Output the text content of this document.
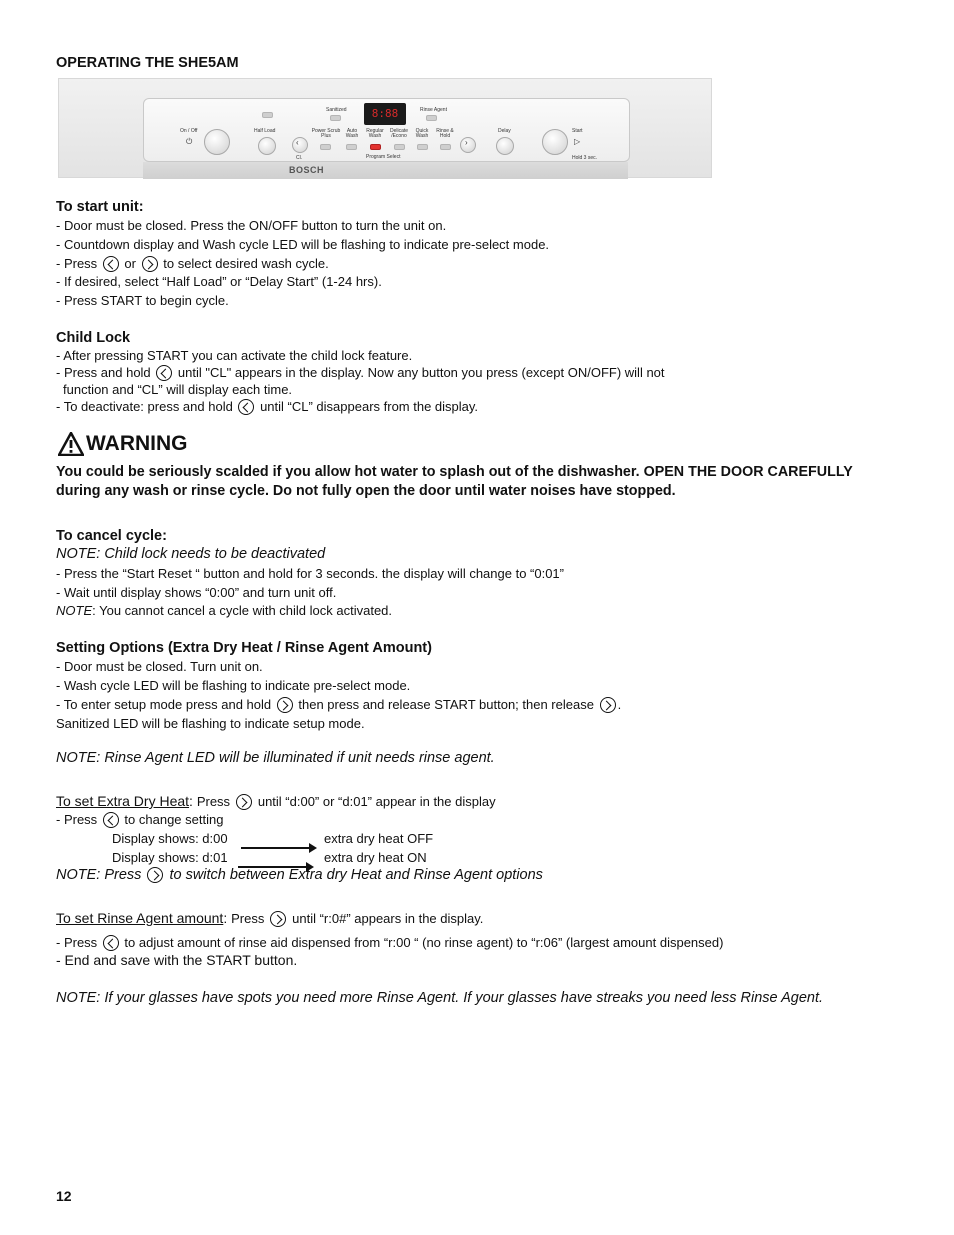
OPERATING THE SHE5AM
Sanitized	Rinse Agent
8:88
On / Off
⏻
Half Load
‹
Cl.
Power Scrub Plus
Auto Wash
Regular Wash
Delicate /Econo
Quick Wash
Rinse & Hold
Program Select
›
Delay	Start
▷
Hold 3 sec.
BOSCH
To start unit:
- Door must be closed. Press the ON/OFF button to turn the unit on.
- Countdown display and Wash cycle LED will be flashing to indicate pre-select mode.
- Press or to select desired wash cycle.
- If desired, select “Half Load” or “Delay Start” (1-24 hrs).
- Press START to begin cycle.
Child Lock
- After pressing START you can activate the child lock feature.
- Press and hold until "CL" appears in the display. Now any button you press (except ON/OFF) will not
function and “CL” will display each time.
- To deactivate: press and hold until “CL” disappears from the display.
WARNING
You could be seriously scalded if you allow hot water to splash out of the dishwasher. OPEN THE DOOR CAREFULLY
during any wash or rinse cycle. Do not fully open the door until water noises have stopped.
To cancel cycle:
NOTE: Child lock needs to be deactivated
- Press the “Start Reset “ button and hold for 3 seconds. the display will change to “0:01”
- Wait until display shows “0:00” and turn unit off.
NOTE: You cannot cancel a cycle with child lock activated.
Setting Options (Extra Dry Heat / Rinse Agent Amount)
- Door must be closed. Turn unit on.
- Wash cycle LED will be flashing to indicate pre-select mode.
- To enter setup mode press and hold then press and release START button; then release .
Sanitized LED will be flashing to indicate setup mode.
NOTE: Rinse Agent LED will be illuminated if unit needs rinse agent.
To set Extra Dry Heat: Press until “d:00” or “d:01” appear in the display
- Press to change setting
Display shows: d:00	extra dry heat OFF
Display shows: d:01	extra dry heat ON
NOTE: Press to switch between Extra dry Heat and Rinse Agent options
To set Rinse Agent amount: Press until “r:0#” appears in the display.
- Press to adjust amount of rinse aid dispensed from “r:00 “ (no rinse agent) to “r:06” (largest amount dispensed)
- End and save with the START button.
NOTE: If your glasses have spots you need more Rinse Agent. If your glasses have streaks you need less Rinse Agent.
12
